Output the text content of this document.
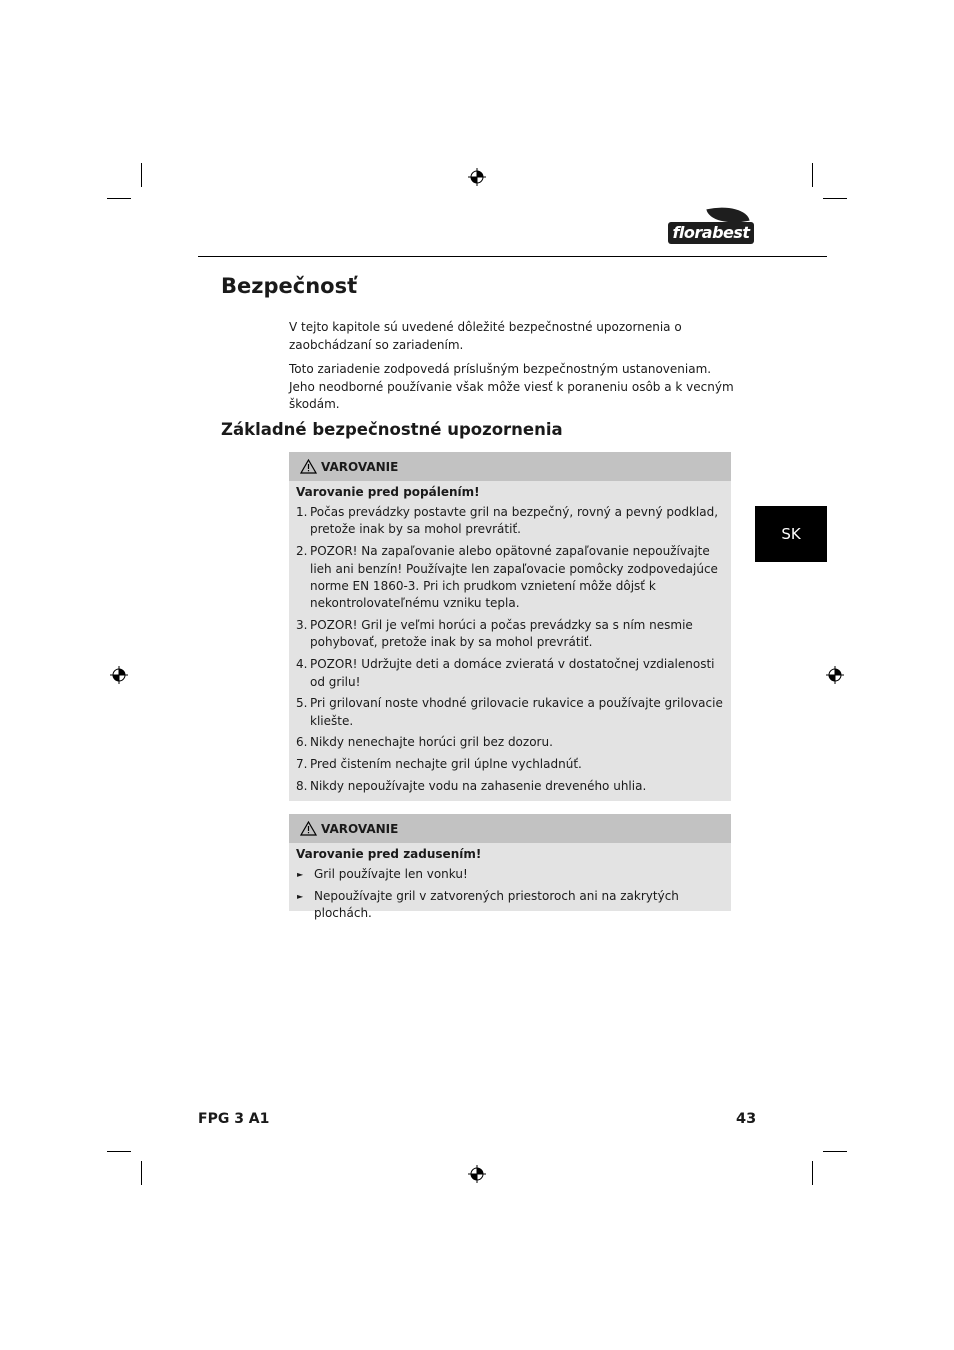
florabest
Bezpečnosť

V tejto kapitole sú uvedené dôležité bezpečnostné upozornenia o zaobchádzaní so zariadením.

Toto zariadenie zodpovedá príslušným bezpečnostným ustanoveniam.
Jeho neodborné používanie však môže viesť k poraneniu osôb a k vecným škodám.

Základné bezpečnostné upozornenia
VAROVANIE
Varovanie pred popálením!
1. Počas prevádzky postavte gril na bezpečný, rovný a pevný podklad, pretože inak by sa mohol prevrátiť.
2. POZOR! Na zapaľovanie alebo opätovné zapaľovanie nepoužívajte lieh ani benzín! Používajte len zapaľovacie pomôcky zodpovedajúce norme EN 1860-3. Pri ich prudkom vznietení môže dôjsť k nekontrolovateľnému vzniku tepla.
3. POZOR! Gril je veľmi horúci a počas prevádzky sa s ním nesmie pohybovať, pretože inak by sa mohol prevrátiť.
4. POZOR! Udržujte deti a domáce zvieratá v dostatočnej vzdialenosti od grilu!
5. Pri grilovaní noste vhodné grilovacie rukavice a používajte grilovacie kliešte.
6. Nikdy nenechajte horúci gril bez dozoru.
7. Pred čistením nechajte gril úplne vychladnúť.
8. Nikdy nepoužívajte vodu na zahasenie dreveného uhlia.
VAROVANIE
Varovanie pred zadusením!
► Gril používajte len vonku!
► Nepoužívajte gril v zatvorených priestoroch ani na zakrytých plochách.
SK
FPG 3 A1	43
